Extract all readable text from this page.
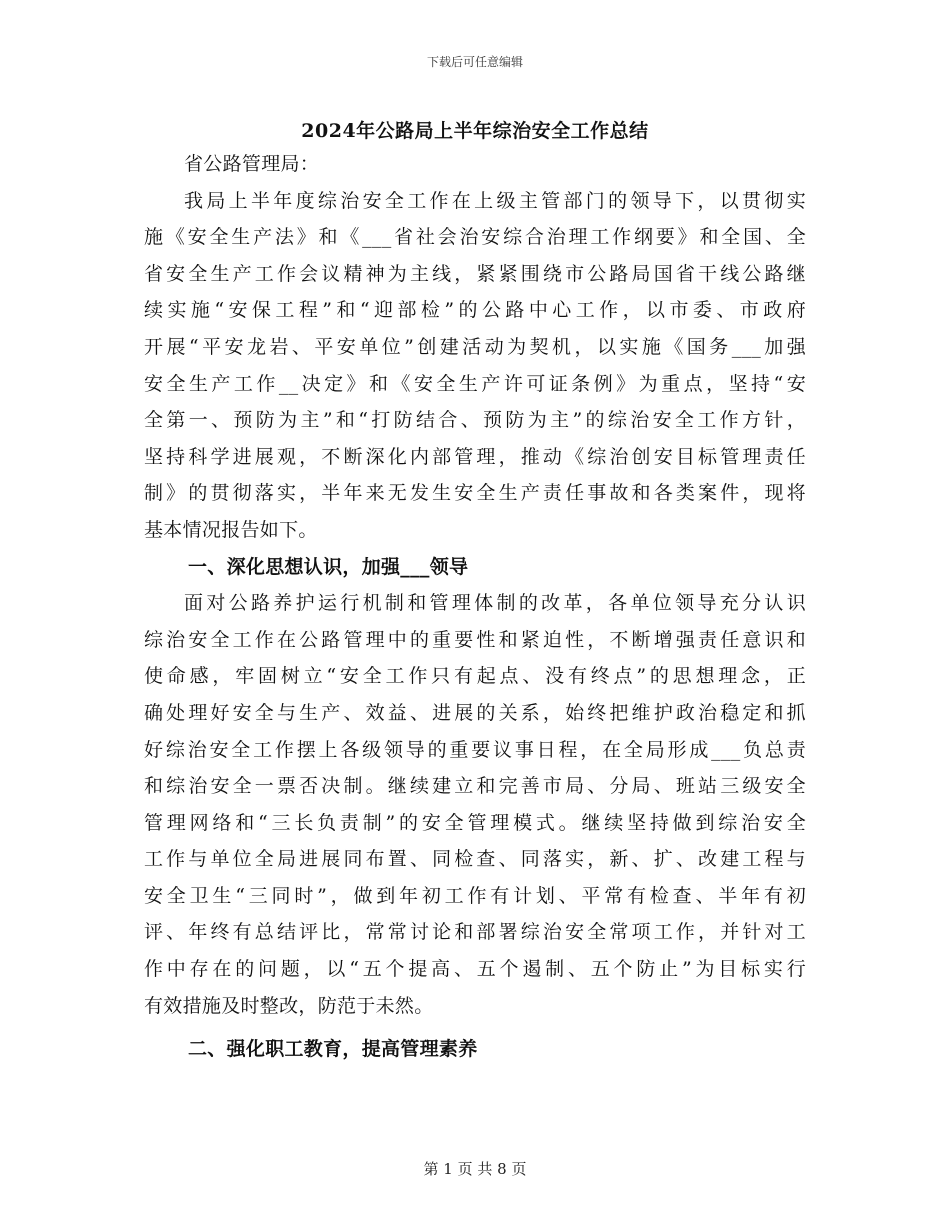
下载后可任意编辑
2024年公路局上半年综治安全工作总结
省公路管理局：
我局上半年度综治安全工作在上级主管部门的领导下，以贯彻实
施《安全生产法》和《___省社会治安综合治理工作纲要》和全国、全
省安全生产工作会议精神为主线，紧紧围绕市公路局国省干线公路继
续实施“安保工程”和“迎部检”的公路中心工作，以市委、市政府
开展“平安龙岩、平安单位”创建活动为契机，以实施《国务___加强
安全生产工作__决定》和《安全生产许可证条例》为重点，坚持“安
全第一、预防为主”和“打防结合、预防为主”的综治安全工作方针，
坚持科学进展观，不断深化内部管理，推动《综治创安目标管理责任
制》的贯彻落实，半年来无发生安全生产责任事故和各类案件，现将
基本情况报告如下。
一、深化思想认识，加强___领导
面对公路养护运行机制和管理体制的改革，各单位领导充分认识
综治安全工作在公路管理中的重要性和紧迫性，不断增强责任意识和
使命感，牢固树立“安全工作只有起点、没有终点”的思想理念，正
确处理好安全与生产、效益、进展的关系，始终把维护政治稳定和抓
好综治安全工作摆上各级领导的重要议事日程，在全局形成___负总责
和综治安全一票否决制。继续建立和完善市局、分局、班站三级安全
管理网络和“三长负责制”的安全管理模式。继续坚持做到综治安全
工作与单位全局进展同布置、同检查、同落实，新、扩、改建工程与
安全卫生“三同时”，做到年初工作有计划、平常有检查、半年有初
评、年终有总结评比，常常讨论和部署综治安全常项工作，并针对工
作中存在的问题，以“五个提高、五个遏制、五个防止”为目标实行
有效措施及时整改，防范于未然。
二、强化职工教育，提高管理素养
第 1 页 共 8 页
